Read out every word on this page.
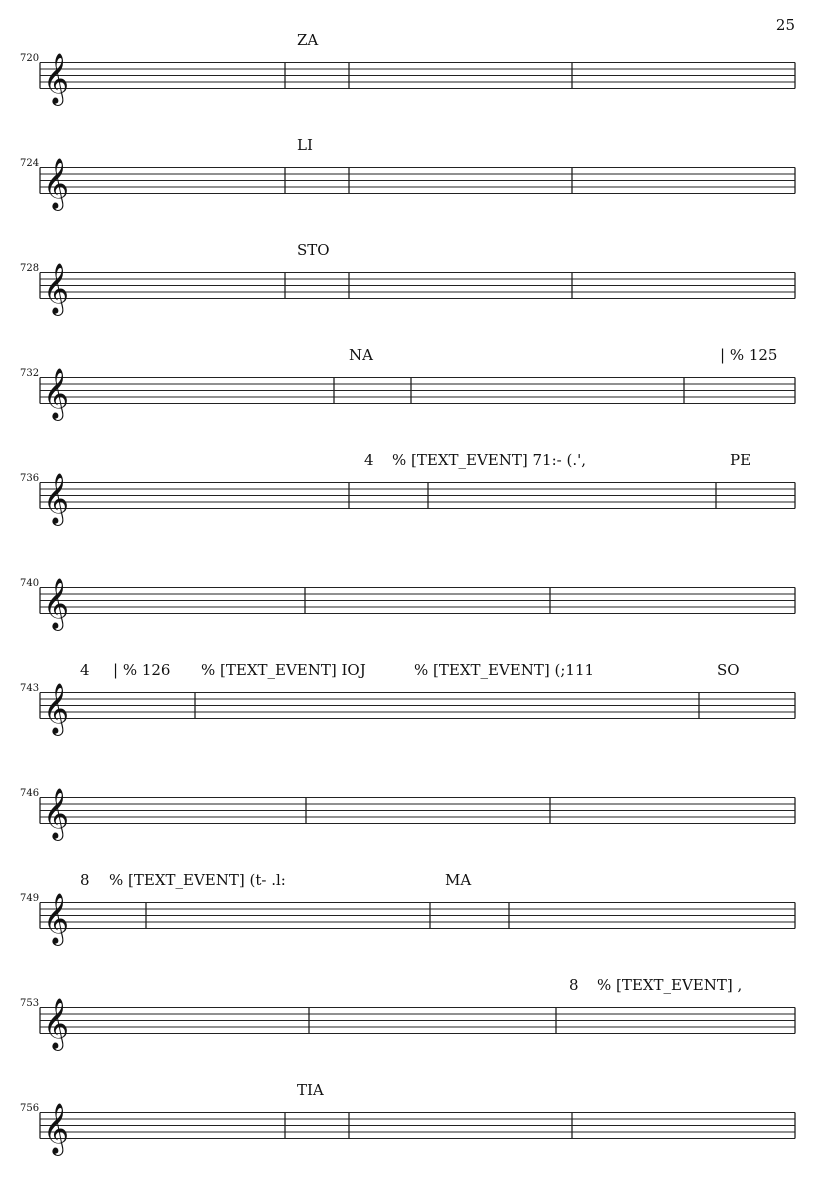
25
720 𝄞
ZA
724 𝄞
LI
728 𝄞
STO
732 𝄞
NA	| % 125
736 𝄞
4 % [TEXT_EVENT] 71:- (.',	PE
740 𝄞
743 𝄞
4 | % 126 % [TEXT_EVENT] IOJ	% [TEXT_EVENT] (;111	SO
746 𝄞
749 𝄞
8 % [TEXT_EVENT] (t- .l:	MA
753 𝄞
8 % [TEXT_EVENT] ,
756 𝄞
TIA
